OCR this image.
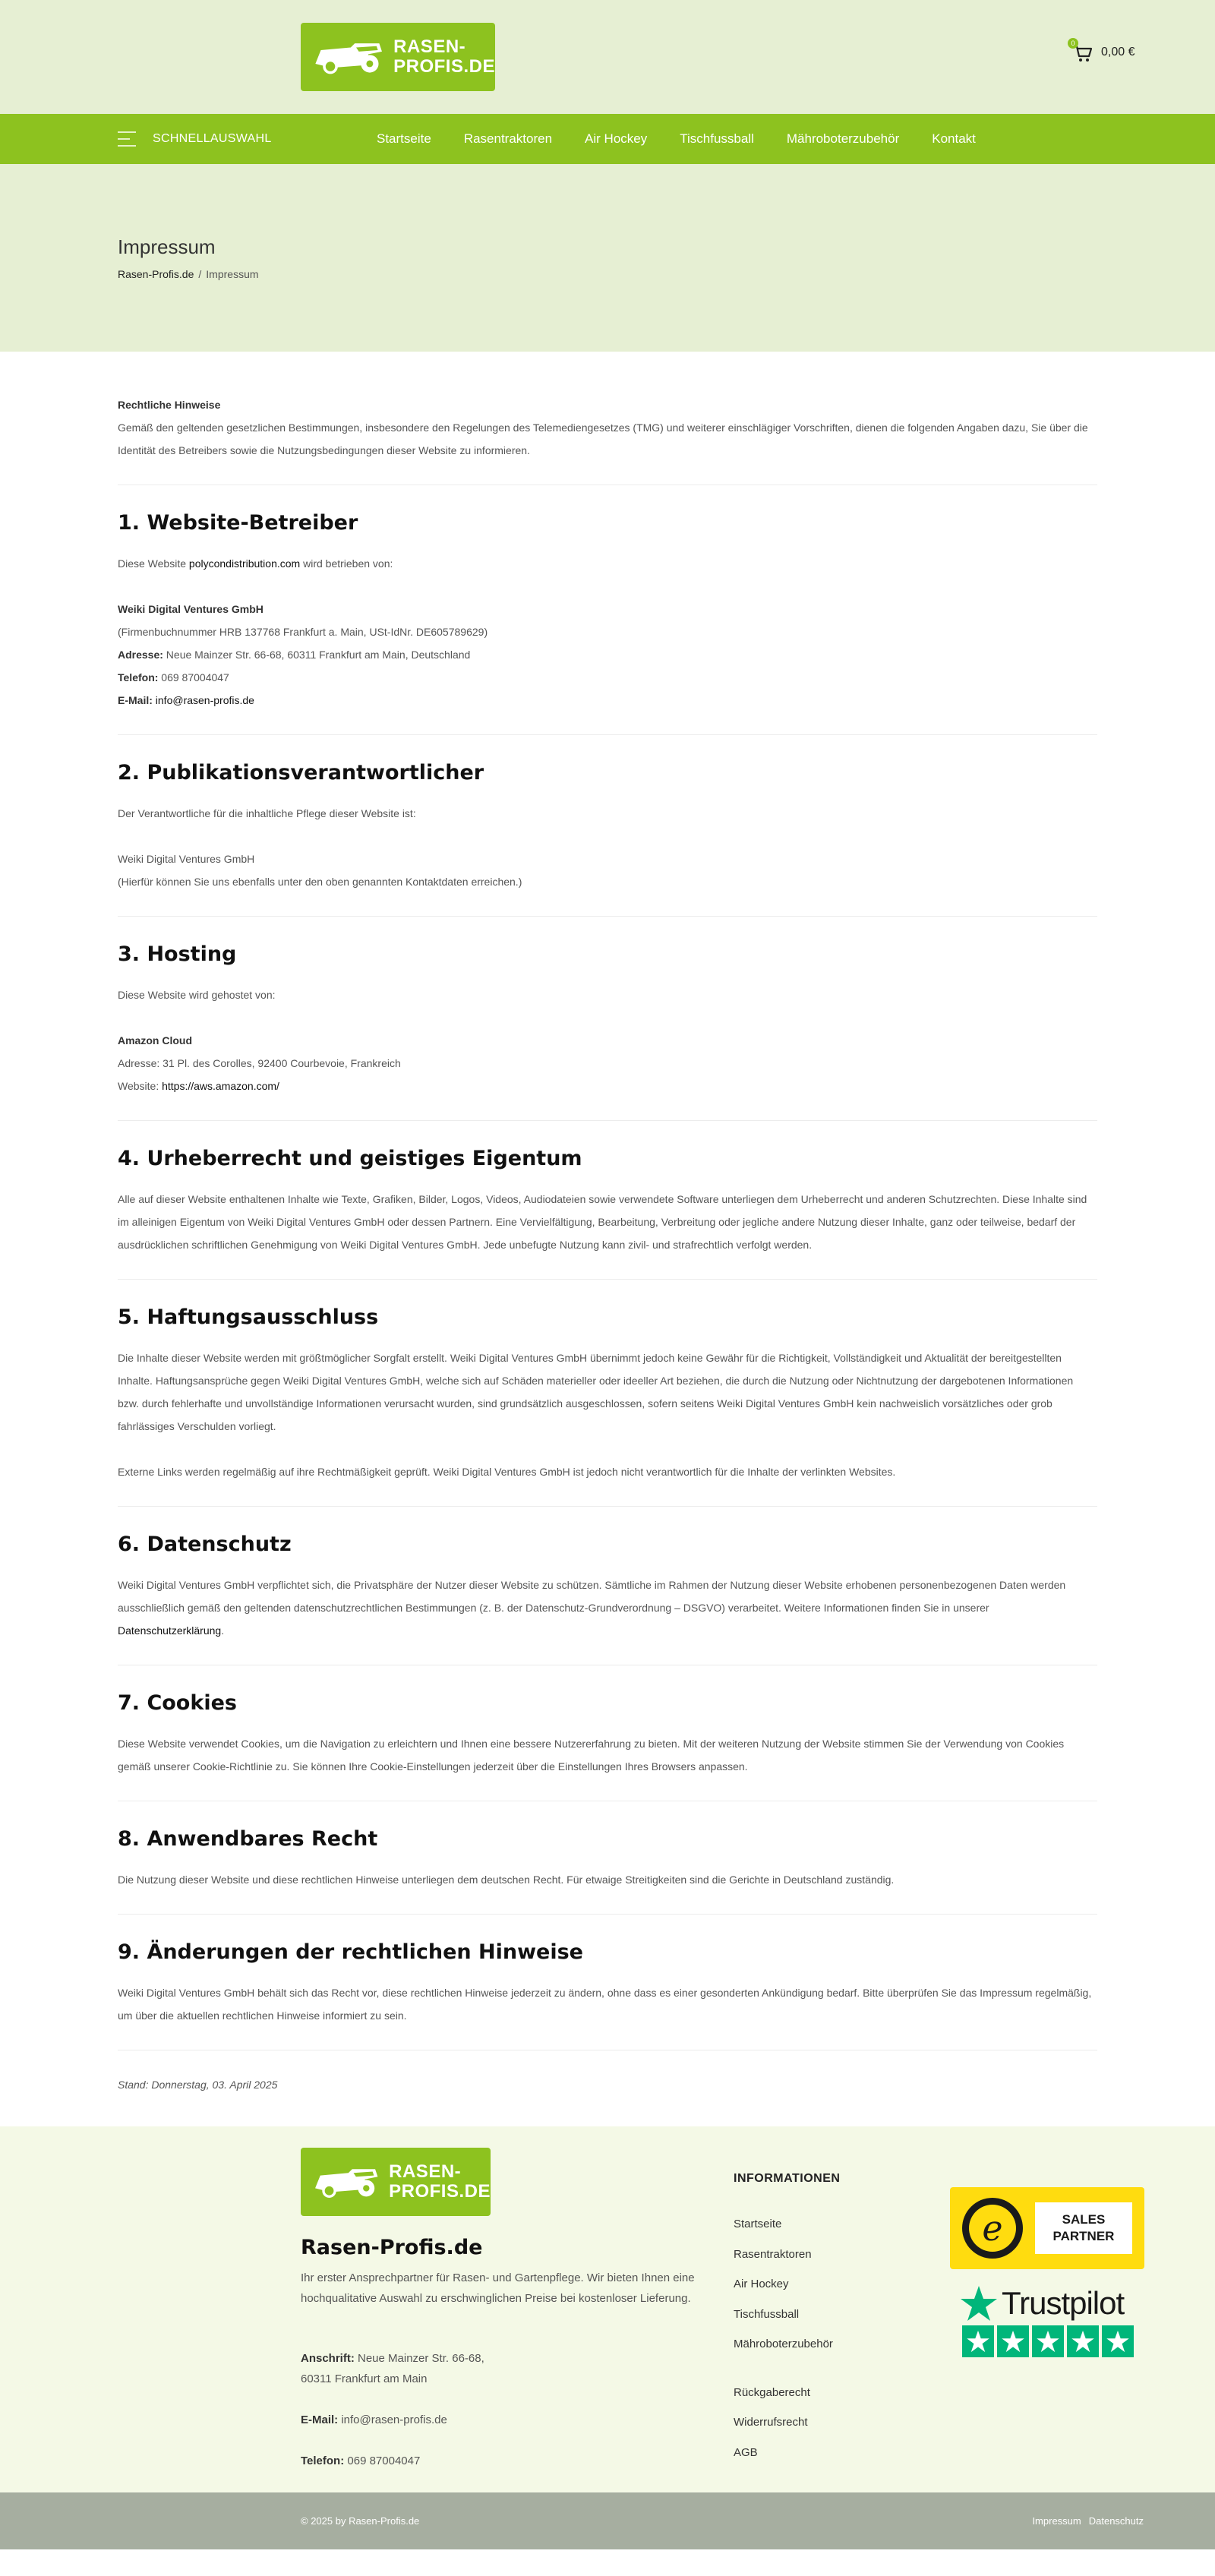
RASEN-
PROFIS.DE
0
0,00 €
SCHNELLAUSWAHL	Startseite	Rasentraktoren	Air Hockey	Tischfussball	Mähroboterzubehör	Kontakt
Impressum
Rasen-Profis.de / Impressum
Rechtliche Hinweise
Gemäß den geltenden gesetzlichen Bestimmungen, insbesondere den Regelungen des Telemediengesetzes (TMG) und weiterer einschlägiger Vorschriften, dienen die folgenden Angaben dazu, Sie über die Identität des Betreibers sowie die Nutzungsbedingungen dieser Website zu informieren.
1. Website-Betreiber
Diese Website polycondistribution.com wird betrieben von:
Weiki Digital Ventures GmbH
(Firmenbuchnummer HRB 137768 Frankfurt a. Main, USt-IdNr. DE605789629)
Adresse: Neue Mainzer Str. 66-68, 60311 Frankfurt am Main, Deutschland
Telefon: 069 87004047
E-Mail: info@rasen-profis.de
2. Publikationsverantwortlicher
Der Verantwortliche für die inhaltliche Pflege dieser Website ist:
Weiki Digital Ventures GmbH
(Hierfür können Sie uns ebenfalls unter den oben genannten Kontaktdaten erreichen.)
3. Hosting
Diese Website wird gehostet von:
Amazon Cloud
Adresse: 31 Pl. des Corolles, 92400 Courbevoie, Frankreich
Website: https://aws.amazon.com/
4. Urheberrecht und geistiges Eigentum
Alle auf dieser Website enthaltenen Inhalte wie Texte, Grafiken, Bilder, Logos, Videos, Audiodateien sowie verwendete Software unterliegen dem Urheberrecht und anderen Schutzrechten. Diese Inhalte sind im alleinigen Eigentum von Weiki Digital Ventures GmbH oder dessen Partnern. Eine Vervielfältigung, Bearbeitung, Verbreitung oder jegliche andere Nutzung dieser Inhalte, ganz oder teilweise, bedarf der ausdrücklichen schriftlichen Genehmigung von Weiki Digital Ventures GmbH. Jede unbefugte Nutzung kann zivil- und strafrechtlich verfolgt werden.
5. Haftungsausschluss
Die Inhalte dieser Website werden mit größtmöglicher Sorgfalt erstellt. Weiki Digital Ventures GmbH übernimmt jedoch keine Gewähr für die Richtigkeit, Vollständigkeit und Aktualität der bereitgestellten Inhalte. Haftungsansprüche gegen Weiki Digital Ventures GmbH, welche sich auf Schäden materieller oder ideeller Art beziehen, die durch die Nutzung oder Nichtnutzung der dargebotenen Informationen bzw. durch fehlerhafte und unvollständige Informationen verursacht wurden, sind grundsätzlich ausgeschlossen, sofern seitens Weiki Digital Ventures GmbH kein nachweislich vorsätzliches oder grob fahrlässiges Verschulden vorliegt.
Externe Links werden regelmäßig auf ihre Rechtmäßigkeit geprüft. Weiki Digital Ventures GmbH ist jedoch nicht verantwortlich für die Inhalte der verlinkten Websites.
6. Datenschutz
Weiki Digital Ventures GmbH verpflichtet sich, die Privatsphäre der Nutzer dieser Website zu schützen. Sämtliche im Rahmen der Nutzung dieser Website erhobenen personenbezogenen Daten werden ausschließlich gemäß den geltenden datenschutzrechtlichen Bestimmungen (z. B. der Datenschutz-Grundverordnung – DSGVO) verarbeitet. Weitere Informationen finden Sie in unserer Datenschutzerklärung.
7. Cookies
Diese Website verwendet Cookies, um die Navigation zu erleichtern und Ihnen eine bessere Nutzererfahrung zu bieten. Mit der weiteren Nutzung der Website stimmen Sie der Verwendung von Cookies gemäß unserer Cookie-Richtlinie zu. Sie können Ihre Cookie-Einstellungen jederzeit über die Einstellungen Ihres Browsers anpassen.
8. Anwendbares Recht
Die Nutzung dieser Website und diese rechtlichen Hinweise unterliegen dem deutschen Recht. Für etwaige Streitigkeiten sind die Gerichte in Deutschland zuständig.
9. Änderungen der rechtlichen Hinweise
Weiki Digital Ventures GmbH behält sich das Recht vor, diese rechtlichen Hinweise jederzeit zu ändern, ohne dass es einer gesonderten Ankündigung bedarf. Bitte überprüfen Sie das Impressum regelmäßig, um über die aktuellen rechtlichen Hinweise informiert zu sein.
Stand: Donnerstag, 03. April 2025
RASEN-
PROFIS.DE
Rasen-Profis.de
Ihr erster Ansprechpartner für Rasen- und Gartenpflege. Wir bieten Ihnen eine hochqualitative Auswahl zu erschwinglichen Preise bei kostenloser Lieferung.
Anschrift: Neue Mainzer Str. 66-68,
60311 Frankfurt am Main
E-Mail: info@rasen-profis.de
Telefon: 069 87004047
INFORMATIONEN
Startseite
Rasentraktoren
Air Hockey
Tischfussball
Mähroboterzubehör
Rückgaberecht
Widerrufsrecht
AGB
e	SALES
PARTNER
Trustpilot
© 2025 by Rasen-Profis.de	Impressum Datenschutz
